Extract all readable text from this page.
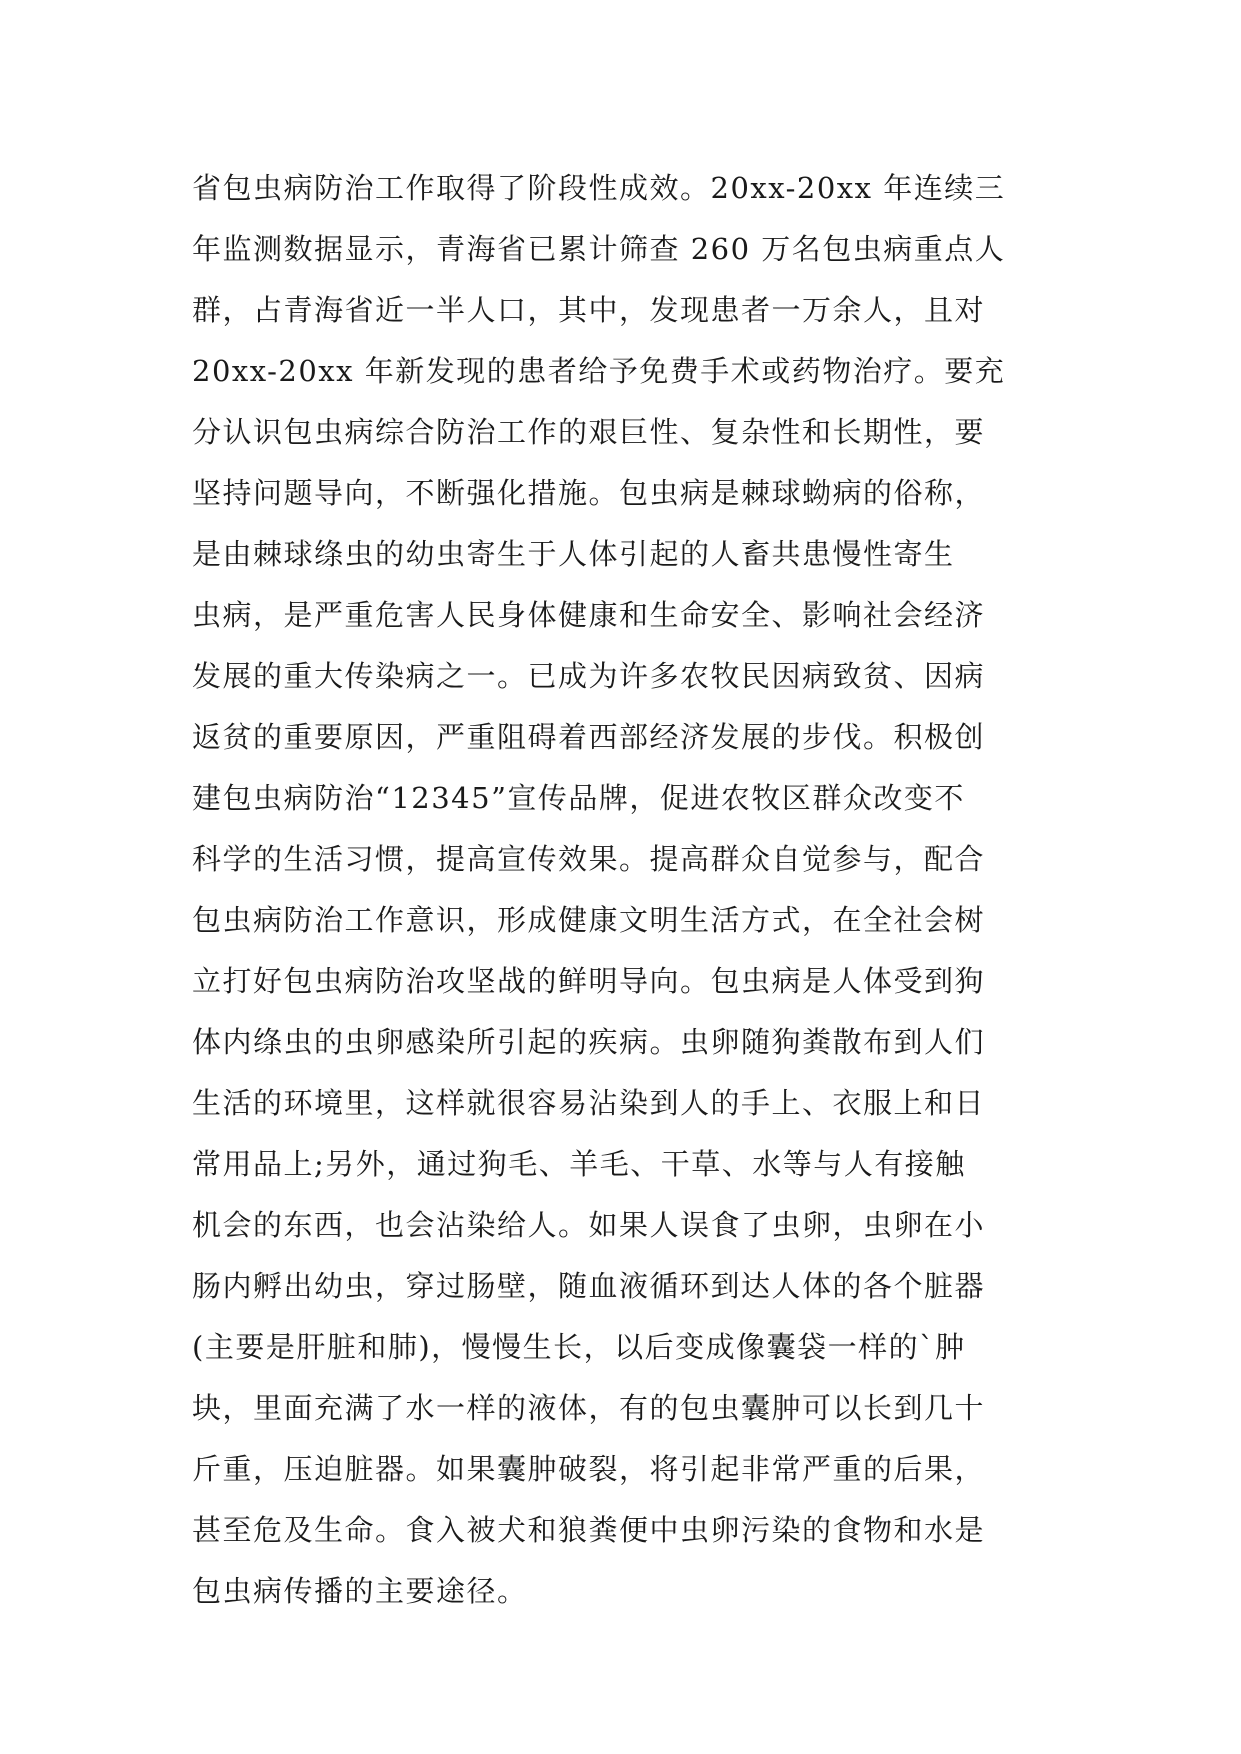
省包虫病防治工作取得了阶段性成效。20xx-20xx 年连续三
年监测数据显示，青海省已累计筛查 260 万名包虫病重点人
群，占青海省近一半人口，其中，发现患者一万余人，且对
20xx-20xx 年新发现的患者给予免费手术或药物治疗。要充
分认识包虫病综合防治工作的艰巨性、复杂性和长期性，要
坚持问题导向，不断强化措施。包虫病是棘球蚴病的俗称，
是由棘球绦虫的幼虫寄生于人体引起的人畜共患慢性寄生
虫病，是严重危害人民身体健康和生命安全、影响社会经济
发展的重大传染病之一。已成为许多农牧民因病致贫、因病
返贫的重要原因，严重阻碍着西部经济发展的步伐。积极创
建包虫病防治“12345”宣传品牌，促进农牧区群众改变不
科学的生活习惯，提高宣传效果。提高群众自觉参与，配合
包虫病防治工作意识，形成健康文明生活方式，在全社会树
立打好包虫病防治攻坚战的鲜明导向。包虫病是人体受到狗
体内绦虫的虫卵感染所引起的疾病。虫卵随狗粪散布到人们
生活的环境里，这样就很容易沾染到人的手上、衣服上和日
常用品上;另外，通过狗毛、羊毛、干草、水等与人有接触
机会的东西，也会沾染给人。如果人误食了虫卵，虫卵在小
肠内孵出幼虫，穿过肠壁，随血液循环到达人体的各个脏器
(主要是肝脏和肺)，慢慢生长，以后变成像囊袋一样的`肿
块，里面充满了水一样的液体，有的包虫囊肿可以长到几十
斤重，压迫脏器。如果囊肿破裂，将引起非常严重的后果，
甚至危及生命。食入被犬和狼粪便中虫卵污染的食物和水是
包虫病传播的主要途径。
